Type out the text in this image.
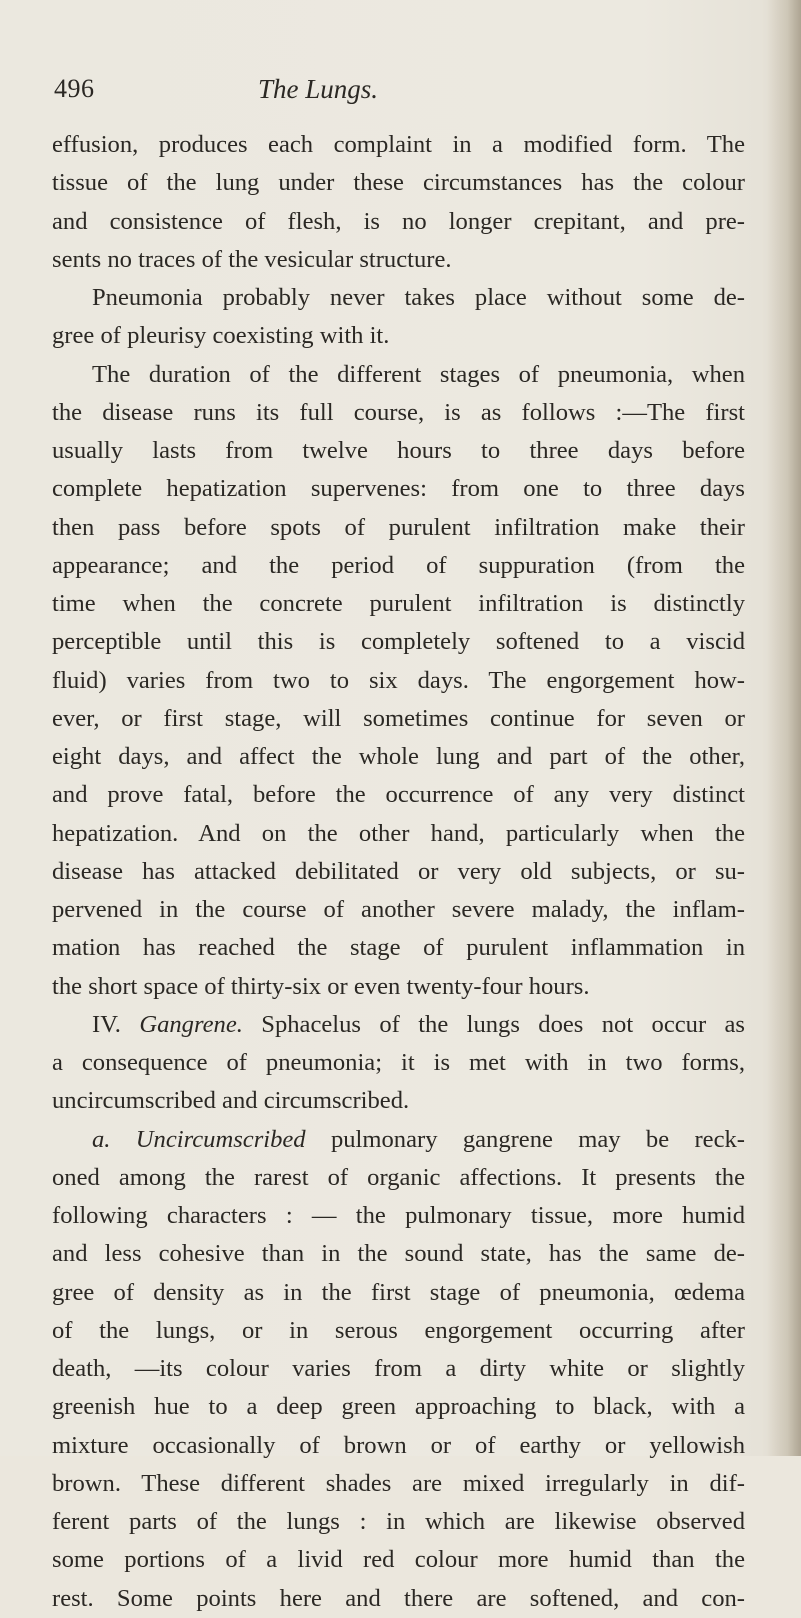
496	The Lungs.
effusion, produces each complaint in a modified form. The
tissue of the lung under these circumstances has the colour
and consistence of flesh, is no longer crepitant, and pre-
sents no traces of the vesicular structure.
Pneumonia probably never takes place without some de-
gree of pleurisy coexisting with it.
The duration of the different stages of pneumonia, when
the disease runs its full course, is as follows :—The first
usually lasts from twelve hours to three days before
complete hepatization supervenes: from one to three days
then pass before spots of purulent infiltration make their
appearance; and the period of suppuration (from the
time when the concrete purulent infiltration is distinctly
perceptible until this is completely softened to a viscid
fluid) varies from two to six days. The engorgement how-
ever, or first stage, will sometimes continue for seven or
eight days, and affect the whole lung and part of the other,
and prove fatal, before the occurrence of any very distinct
hepatization. And on the other hand, particularly when the
disease has attacked debilitated or very old subjects, or su-
pervened in the course of another severe malady, the inflam-
mation has reached the stage of purulent inflammation in
the short space of thirty-six or even twenty-four hours.
IV. Gangrene. Sphacelus of the lungs does not occur as
a consequence of pneumonia; it is met with in two forms,
uncircumscribed and circumscribed.
a. Uncircumscribed pulmonary gangrene may be reck-
oned among the rarest of organic affections. It presents the
following characters : — the pulmonary tissue, more humid
and less cohesive than in the sound state, has the same de-
gree of density as in the first stage of pneumonia, œdema
of the lungs, or in serous engorgement occurring after
death, —its colour varies from a dirty white or slightly
greenish hue to a deep green approaching to black, with a
mixture occasionally of brown or of earthy or yellowish
brown. These different shades are mixed irregularly in dif-
ferent parts of the lungs : in which are likewise observed
some portions of a livid red colour more humid than the
rest. Some points here and there are softened, and con-
